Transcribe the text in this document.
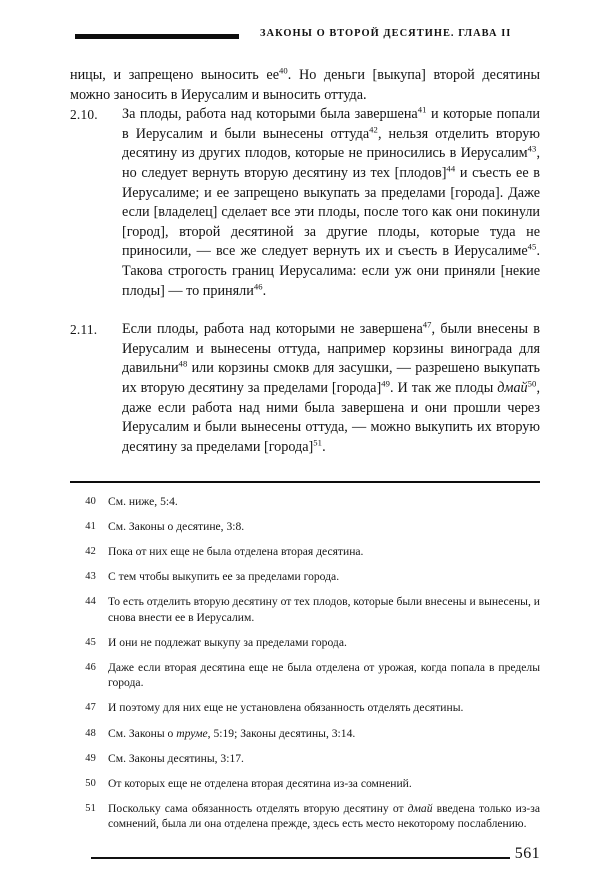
ЗАКОНЫ О ВТОРОЙ ДЕСЯТИНЕ. ГЛАВА II

ницы, и запрещено выносить ее$^{40}$. Но деньги [выкупа] второй десятины можно заносить в Иерусалим и выносить оттуда.

2.10.	За плоды, работа над которыми была завершена$^{41}$ и которые попали в Иерусалим и были вынесены оттуда$^{42}$, нельзя отделить вторую десятину из других плодов, которые не приносились в Иерусалим$^{43}$, но следует вернуть вторую десятину из тех [плодов]$^{44}$ и съесть ее в Иерусалиме; и ее запрещено выкупать за пределами [города]. Даже если [владелец] сделает все эти плоды, после того как они покинули [город], второй десятиной за другие плоды, которые туда не приносили, — все же следует вернуть их и съесть в Иерусалиме$^{45}$. Такова строгость границ Иерусалима: если уж они приняли [некие плоды] — то приняли$^{46}$.
2.11.	Если плоды, работа над которыми не завершена$^{47}$, были внесены в Иерусалим и вынесены оттуда, например корзины винограда для давильни$^{48}$ или корзины смокв для засушки, — разрешено выкупать их вторую десятину за пределами [города]$^{49}$. И так же плоды дмай$^{50}$, даже если работа над ними была завершена и они прошли через Иерусалим и были вынесены оттуда, — можно выкупить их вторую десятину за пределами [города]$^{51}$.
40 См. ниже, 5:4.
41 См. Законы о десятине, 3:8.
42 Пока от них еще не была отделена вторая десятина.
43 С тем чтобы выкупить ее за пределами города.
44 То есть отделить вторую десятину от тех плодов, которые были внесены и вынесены, и снова внести ее в Иерусалим.
45 И они не подлежат выкупу за пределами города.
46 Даже если вторая десятина еще не была отделена от урожая, когда попала в пределы города.
47 И поэтому для них еще не установлена обязанность отделять десятины.
48 См. Законы о труме, 5:19; Законы десятины, 3:14.
49 См. Законы десятины, 3:17.
50 От которых еще не отделена вторая десятина из-за сомнений.
51 Поскольку сама обязанность отделять вторую десятину от дмай введена только из-за сомнений, была ли она отделена прежде, здесь есть место некоторому послаблению.
561
